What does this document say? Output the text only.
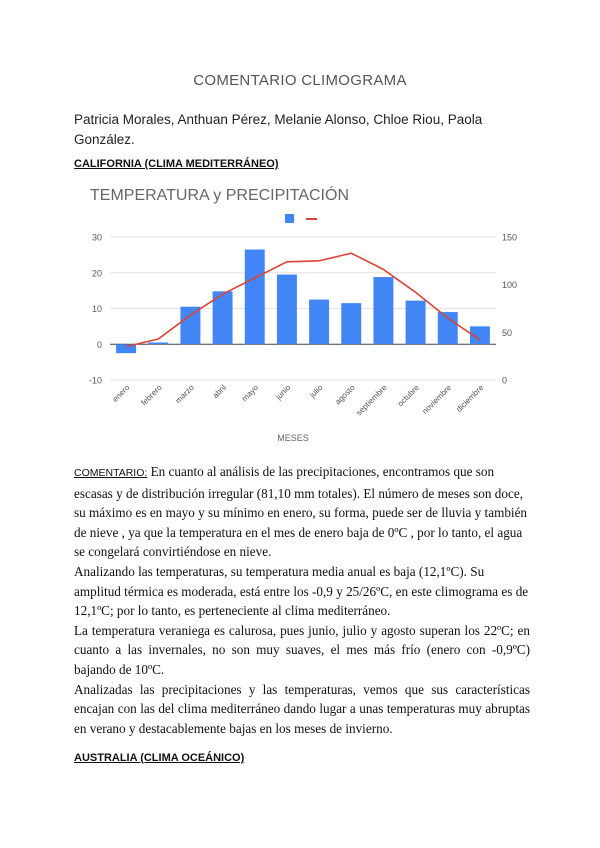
COMENTARIO CLIMOGRAMA
Patricia Morales, Anthuan Pérez, Melanie Alonso, Chloe Riou, Paola González.
CALIFORNIA (CLIMA MEDITERRÁNEO)
TEMPERATURA y PRECIPITACIÓN
-10
0
10
20
30
0
50
100
150
enero febrero marzo abril mayo junio julio agosto
septiembre octubre noviembre diciembre
MESES

COMENTARIO: En cuanto al análisis de las precipitaciones, encontramos que son escasas y de distribución irregular (81,10 mm totales). El número de meses son doce, su máximo es en mayo y su mínimo en enero, su forma, puede ser de lluvia y también de nieve , ya que la temperatura en el mes de enero baja de 0ºC , por lo tanto, el agua se congelará convirtiéndose en nieve.

Analizando las temperaturas, su temperatura media anual es baja (12,1ºC). Su amplitud térmica es moderada, está entre los -0,9 y 25/26ºC, en este climograma es de 12,1ºC; por lo tanto, es perteneciente al clima mediterráneo.

La temperatura veraniega es calurosa, pues junio, julio y agosto superan los 22ºC; en cuanto a las invernales, no son muy suaves, el mes más frío (enero con -0,9ºC) bajando de 10ºC.

Analizadas las precipitaciones y las temperaturas, vemos que sus características encajan con las del clima mediterráneo dando lugar a unas temperaturas muy abruptas en verano y destacablemente bajas en los meses de invierno.

AUSTRALIA (CLIMA OCEÁNICO)
